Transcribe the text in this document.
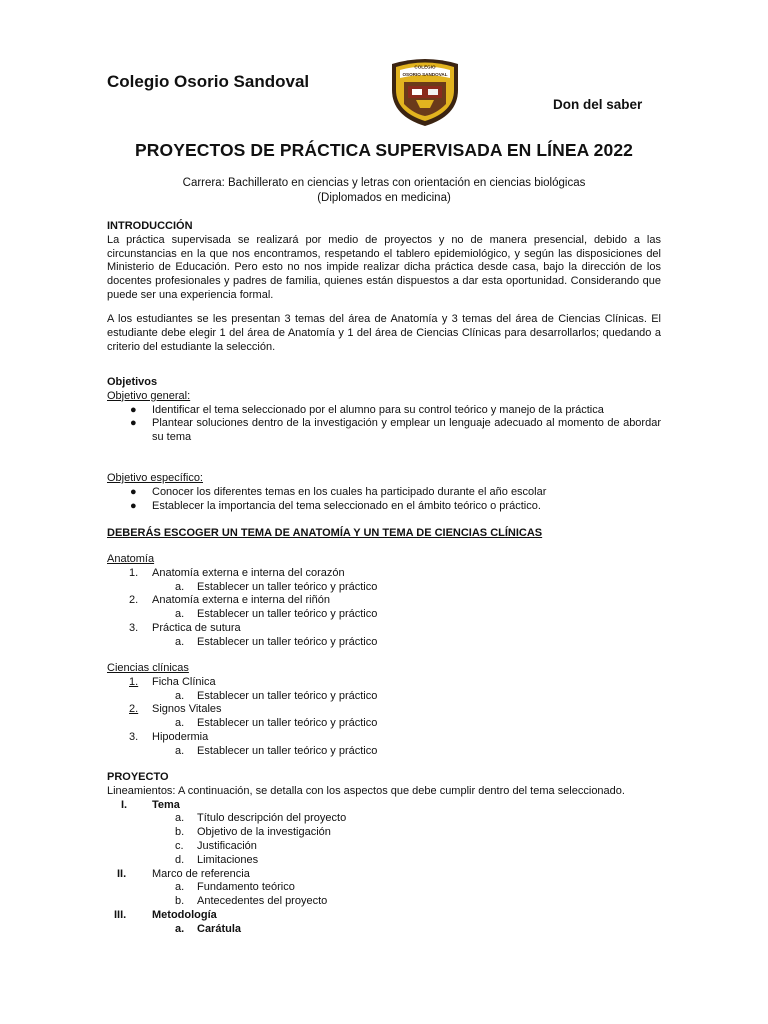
Colegio Osorio Sandoval
COLEGIO
OSORIO SANDOVAL
Don del saber
PROYECTOS DE PRÁCTICA SUPERVISADA EN LÍNEA 2022
Carrera: Bachillerato en ciencias y letras con orientación en ciencias biológicas
(Diplomados en medicina)
INTRODUCCIÓN

La práctica supervisada se realizará por medio de proyectos y no de manera presencial, debido a las circunstancias en la que nos encontramos, respetando el tablero epidemiológico, y según las disposiciones del Ministerio de Educación. Pero esto no nos impide realizar dicha práctica desde casa, bajo la dirección de los docentes profesionales y padres de familia, quienes están dispuestos a dar esta oportunidad. Considerando que puede ser una experiencia formal.

A los estudiantes se les presentan 3 temas del área de Anatomía y 3 temas del área de Ciencias Clínicas. El estudiante debe elegir 1 del área de Anatomía y 1 del área de Ciencias Clínicas para desarrollarlos; quedando a criterio del estudiante la selección.

Objetivos
Objetivo general:
● Identificar el tema seleccionado por el alumno para su control teórico y manejo de la práctica
● Plantear soluciones dentro de la investigación y emplear un lenguaje adecuado al momento de abordar su tema
Objetivo específico:
● Conocer los diferentes temas en los cuales ha participado durante el año escolar
● Establecer la importancia del tema seleccionado en el ámbito teórico o práctico.
DEBERÁS ESCOGER UN TEMA DE ANATOMÍA Y UN TEMA DE CIENCIAS CLÍNICAS
Anatomía
1. Anatomía externa e interna del corazón
a. Establecer un taller teórico y práctico
2. Anatomía externa e interna del riñón
a. Establecer un taller teórico y práctico
3. Práctica de sutura
a. Establecer un taller teórico y práctico
Ciencias clínicas
1.	Ficha Clínica
a. Establecer un taller teórico y práctico
2.	Signos Vitales
a. Establecer un taller teórico y práctico
3. Hipodermia
a. Establecer un taller teórico y práctico
PROYECTO

Lineamientos: A continuación, se detalla con los aspectos que debe cumplir dentro del tema seleccionado.

I. Tema
a. Título descripción del proyecto
b. Objetivo de la investigación
c. Justificación
d. Limitaciones
II. Marco de referencia
a. Fundamento teórico
b. Antecedentes del proyecto
III. Metodología
a. Carátula
